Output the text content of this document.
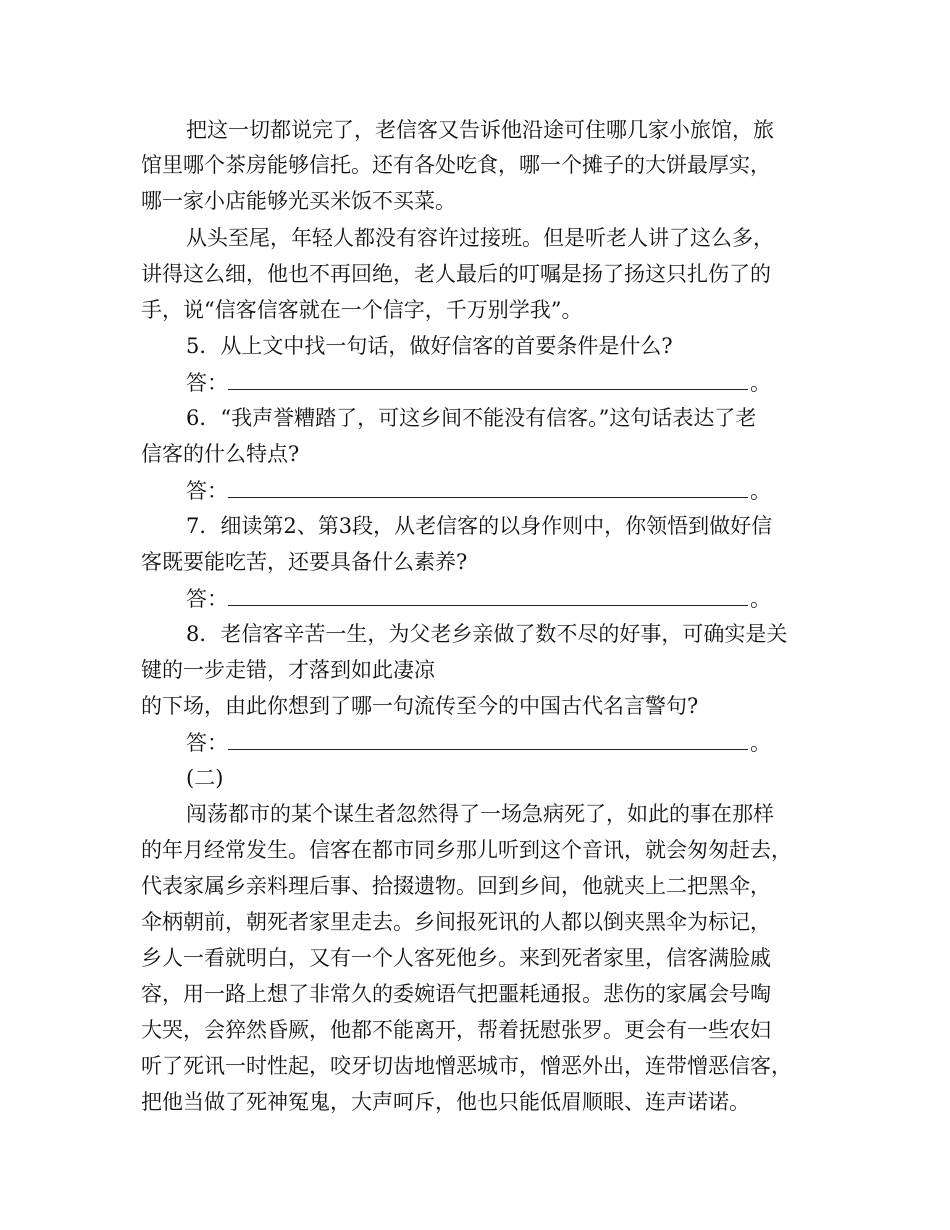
把这一切都说完了，老信客又告诉他沿途可住哪几家小旅馆，旅
馆里哪个茶房能够信托。还有各处吃食，哪一个摊子的大饼最厚实，
哪一家小店能够光买米饭不买菜。
从头至尾，年轻人都没有容许过接班。但是听老人讲了这么多，
讲得这么细，他也不再回绝，老人最后的叮嘱是扬了扬这只扎伤了的
手，说“信客信客就在一个信字，千万别学我”。
5．从上文中找一句话，做好信客的首要条件是什么?
答：	。
6．“我声誉糟踏了，可这乡间不能没有信客。”这句话表达了老
信客的什么特点?
答：	。
7．细读第2、第3段，从老信客的以身作则中，你领悟到做好信
客既要能吃苦，还要具备什么素养?
答：	。
8．老信客辛苦一生，为父老乡亲做了数不尽的好事，可确实是关
键的一步走错，才落到如此凄凉
的下场，由此你想到了哪一句流传至今的中国古代名言警句?
答：	。
(二)
闯荡都市的某个谋生者忽然得了一场急病死了，如此的事在那样
的年月经常发生。信客在都市同乡那儿听到这个音讯，就会匆匆赶去，
代表家属乡亲料理后事、拾掇遗物。回到乡间，他就夹上二把黑伞，
伞柄朝前，朝死者家里走去。乡间报死讯的人都以倒夹黑伞为标记，
乡人一看就明白，又有一个人客死他乡。来到死者家里，信客满脸戚
容，用一路上想了非常久的委婉语气把噩耗通报。悲伤的家属会号啕
大哭，会猝然昏厥，他都不能离开，帮着抚慰张罗。更会有一些农妇
听了死讯一时性起，咬牙切齿地憎恶城市，憎恶外出，连带憎恶信客，
把他当做了死神冤鬼，大声呵斥，他也只能低眉顺眼、连声诺诺。
